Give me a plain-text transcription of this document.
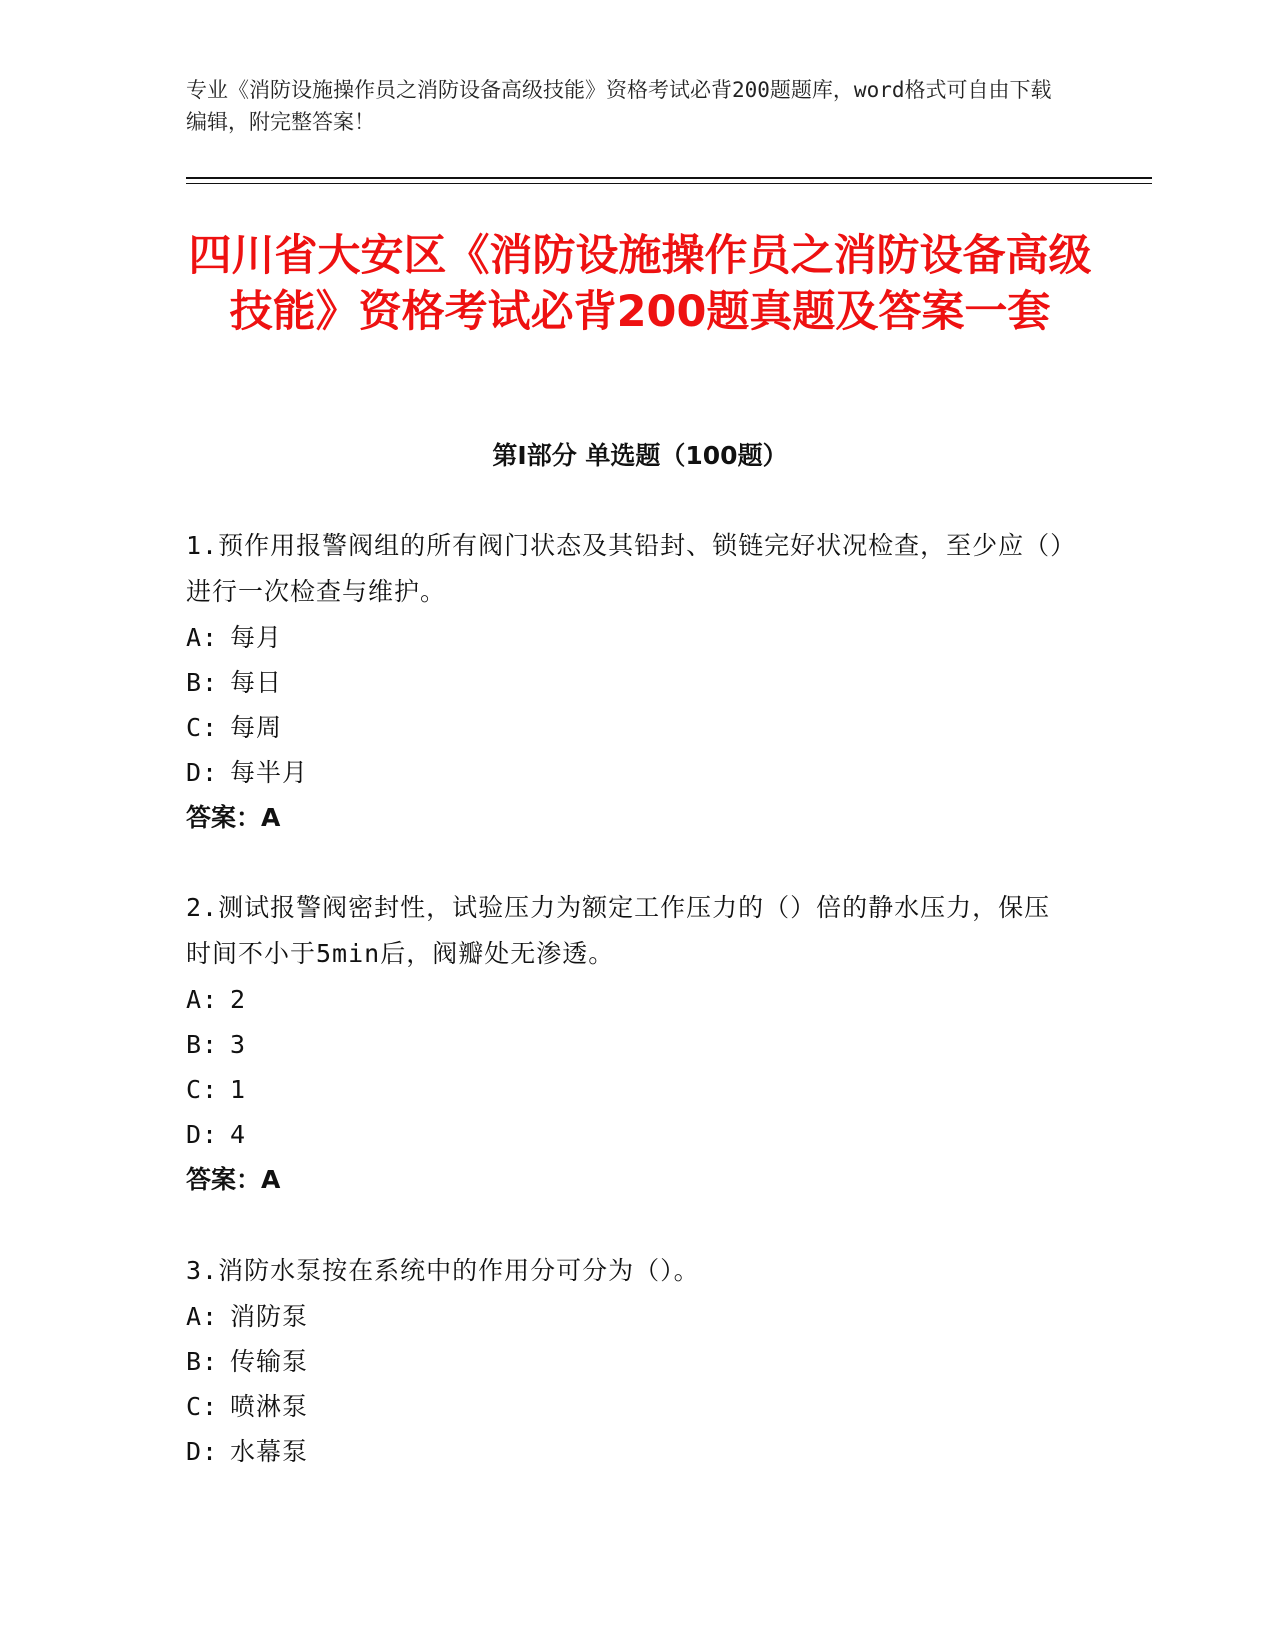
专业《消防设施操作员之消防设备高级技能》资格考试必背200题题库，word格式可自由下载编辑，附完整答案！
四川省大安区《消防设施操作员之消防设备高级技能》资格考试必背200题真题及答案一套
第Ⅰ部分 单选题（100题）
1.预作用报警阀组的所有阀门状态及其铅封、锁链完好状况检查，至少应（）进行一次检查与维护。
A: 每月
B: 每日
C: 每周
D: 每半月
答案：A
2.测试报警阀密封性，试验压力为额定工作压力的（）倍的静水压力，保压时间不小于5min后，阀瓣处无渗透。
A: 2
B: 3
C: 1
D: 4
答案：A
3.消防水泵按在系统中的作用分可分为（）。
A: 消防泵
B: 传输泵
C: 喷淋泵
D: 水幕泵
